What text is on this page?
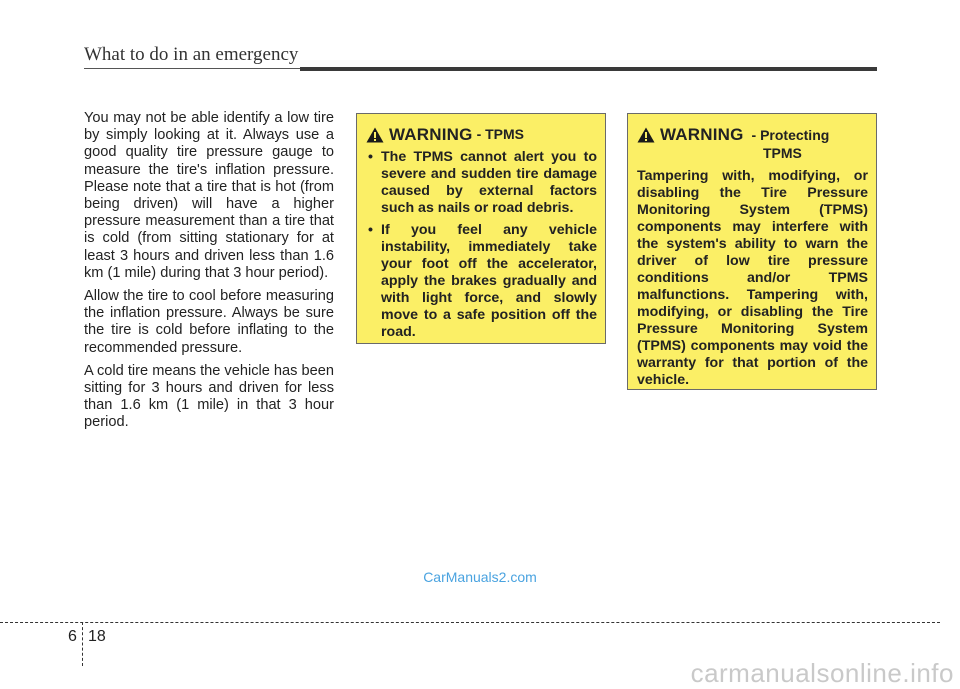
What to do in an emergency

You may not be able identify a low tire by simply looking at it. Always use a good quality tire pressure gauge to measure the tire's inflation pressure. Please note that a tire that is hot (from being driven) will have a higher pressure measurement than a tire that is cold (from sitting stationary for at least 3 hours and driven less than 1.6 km (1 mile) during that 3 hour period).

Allow the tire to cool before measuring the inflation pressure. Always be sure the tire is cold before inflating to the recommended pressure.

A cold tire means the vehicle has been sitting for 3 hours and driven for less than 1.6 km (1 mile) in that 3 hour period.

WARNING - TPMS
• The TPMS cannot alert you to severe and sudden tire damage caused by external factors such as nails or road debris.
• If you feel any vehicle instability, immediately take your foot off the accelerator, apply the brakes gradually and with light force, and slowly move to a safe position off the road.
WARNING - Protecting
TPMS
Tampering with, modifying, or disabling the Tire Pressure Monitoring System (TPMS) components may interfere with the system's ability to warn the driver of low tire pressure conditions and/or TPMS malfunctions. Tampering with, modifying, or disabling the Tire Pressure Monitoring System (TPMS) components may void the warranty for that portion of the vehicle.
CarManuals2.com
6 18
carmanualsonline.info
